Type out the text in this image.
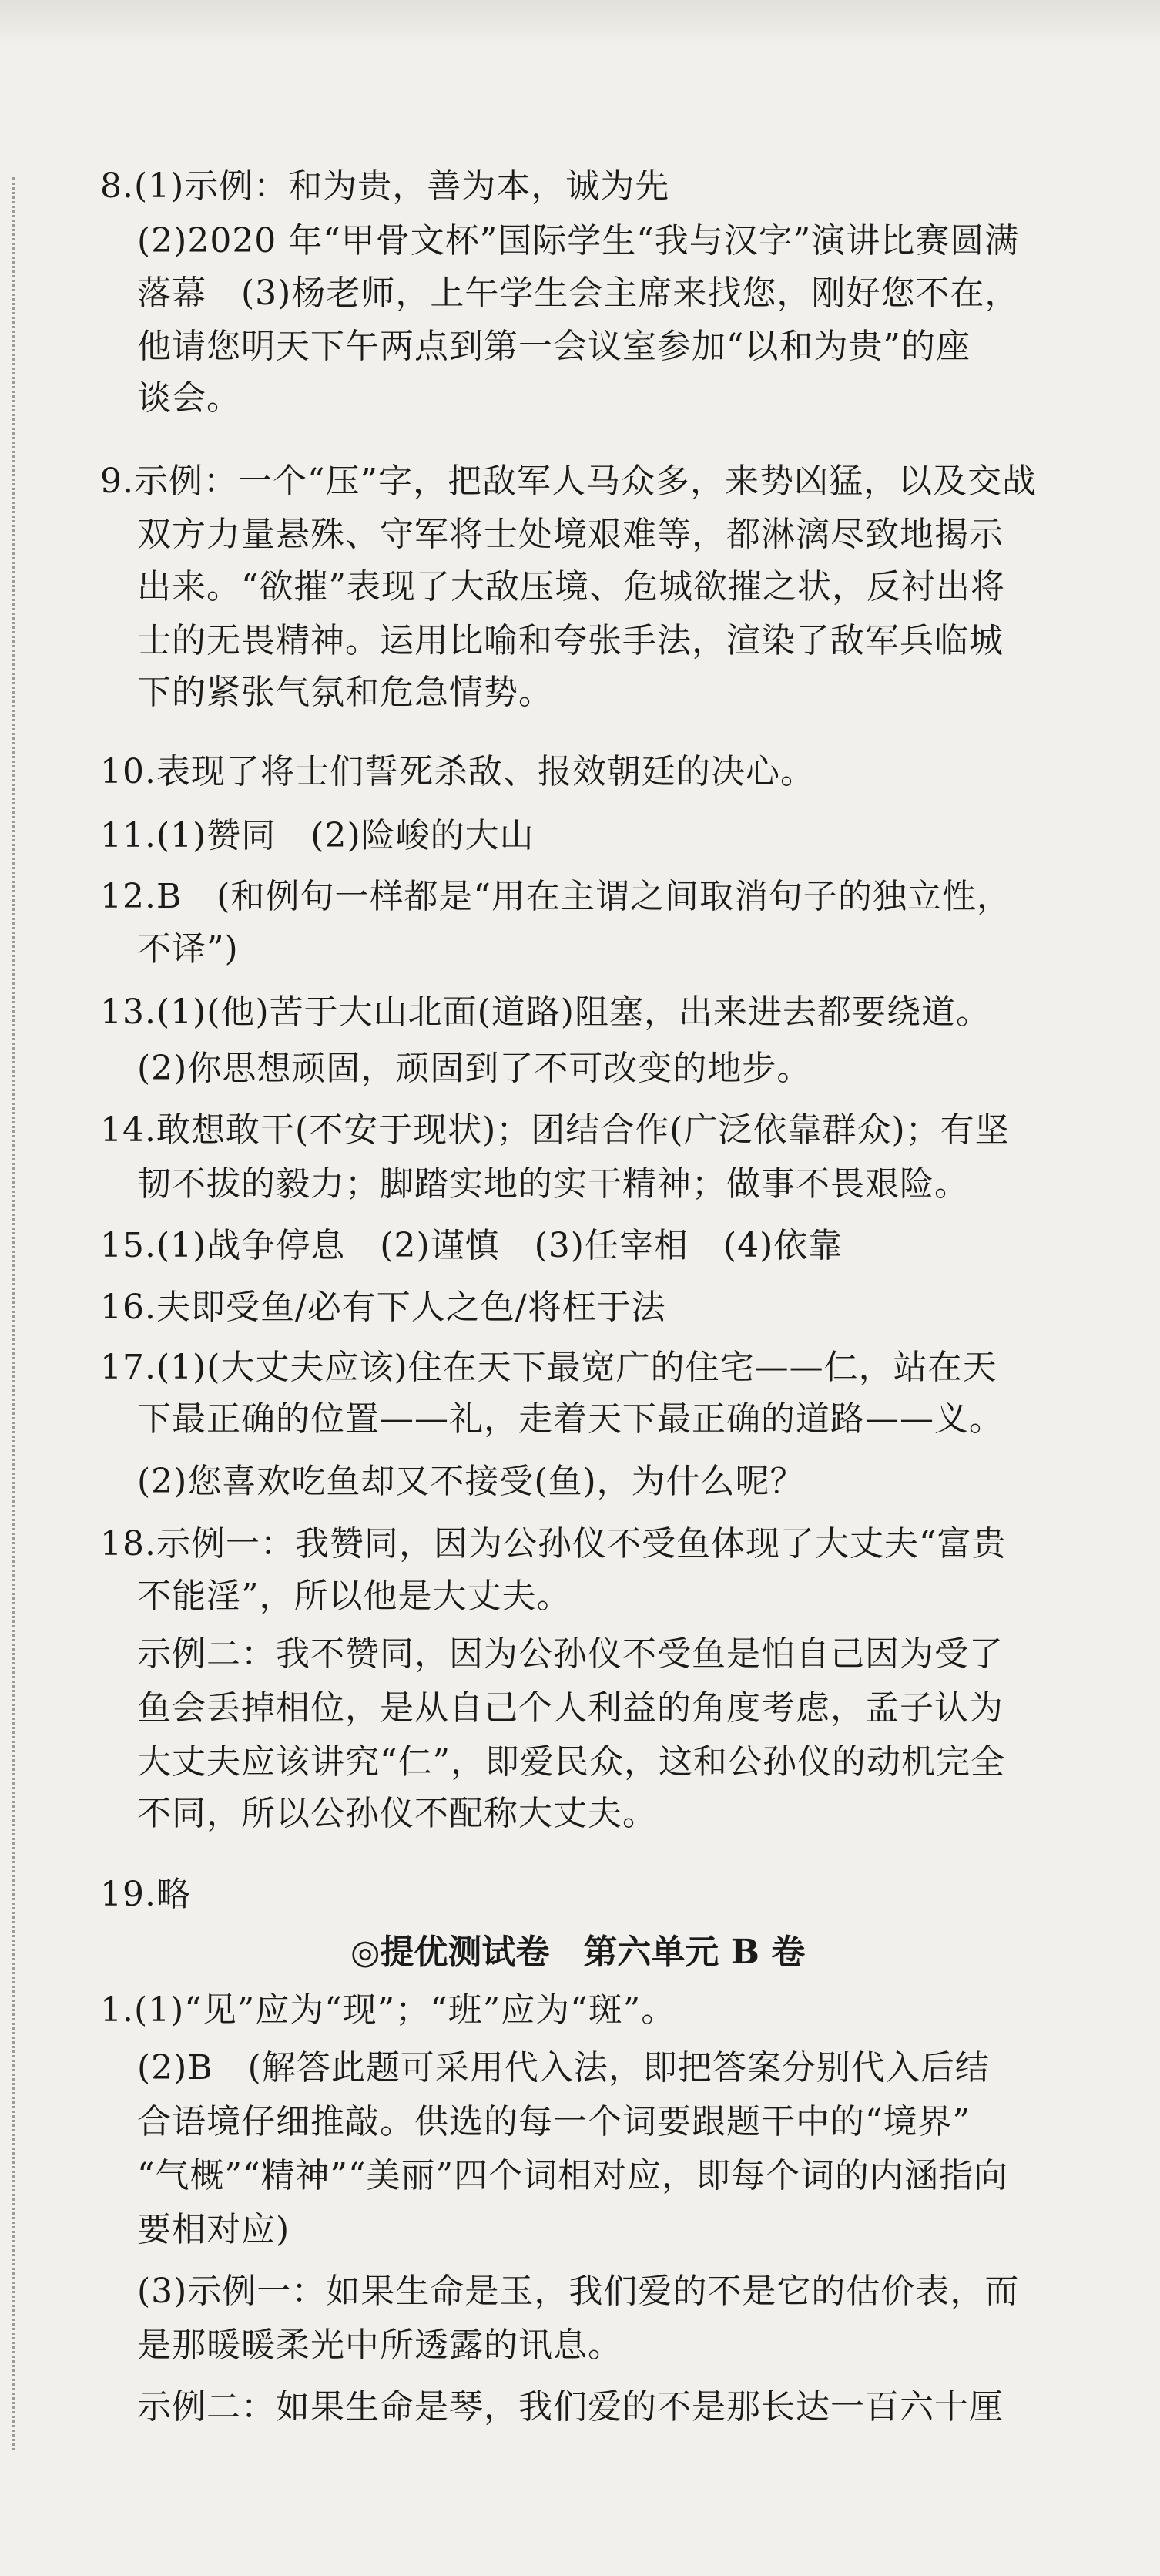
8.(1)示例：和为贵，善为本，诚为先

(2)2020 年“甲骨文杯”国际学生“我与汉字”演讲比赛圆满

落幕　(3)杨老师，上午学生会主席来找您，刚好您不在，

他请您明天下午两点到第一会议室参加“以和为贵”的座

谈会。

9.示例：一个“压”字，把敌军人马众多，来势凶猛，以及交战

双方力量悬殊、守军将士处境艰难等，都淋漓尽致地揭示

出来。“欲摧”表现了大敌压境、危城欲摧之状，反衬出将

士的无畏精神。运用比喻和夸张手法，渲染了敌军兵临城

下的紧张气氛和危急情势。

10.表现了将士们誓死杀敌、报效朝廷的决心。

11.(1)赞同　(2)险峻的大山

12.B　(和例句一样都是“用在主谓之间取消句子的独立性，

不译”)

13.(1)(他)苦于大山北面(道路)阻塞，出来进去都要绕道。

(2)你思想顽固，顽固到了不可改变的地步。

14.敢想敢干(不安于现状)；团结合作(广泛依靠群众)；有坚

韧不拔的毅力；脚踏实地的实干精神；做事不畏艰险。

15.(1)战争停息　(2)谨慎　(3)任宰相　(4)依靠

16.夫即受鱼/必有下人之色/将枉于法

17.(1)(大丈夫应该)住在天下最宽广的住宅——仁，站在天

下最正确的位置——礼，走着天下最正确的道路——义。

(2)您喜欢吃鱼却又不接受(鱼)，为什么呢？

18.示例一：我赞同，因为公孙仪不受鱼体现了大丈夫“富贵

不能淫”，所以他是大丈夫。

示例二：我不赞同，因为公孙仪不受鱼是怕自己因为受了

鱼会丢掉相位，是从自己个人利益的角度考虑，孟子认为

大丈夫应该讲究“仁”，即爱民众，这和公孙仪的动机完全

不同，所以公孙仪不配称大丈夫。

19.略

◎提优测试卷　第六单元 B 卷

1.(1)“见”应为“现”；“班”应为“斑”。

(2)B　(解答此题可采用代入法，即把答案分别代入后结

合语境仔细推敲。供选的每一个词要跟题干中的“境界”

“气概”“精神”“美丽”四个词相对应，即每个词的内涵指向

要相对应)

(3)示例一：如果生命是玉，我们爱的不是它的估价表，而

是那暖暖柔光中所透露的讯息。

示例二：如果生命是琴，我们爱的不是那长达一百六十厘
